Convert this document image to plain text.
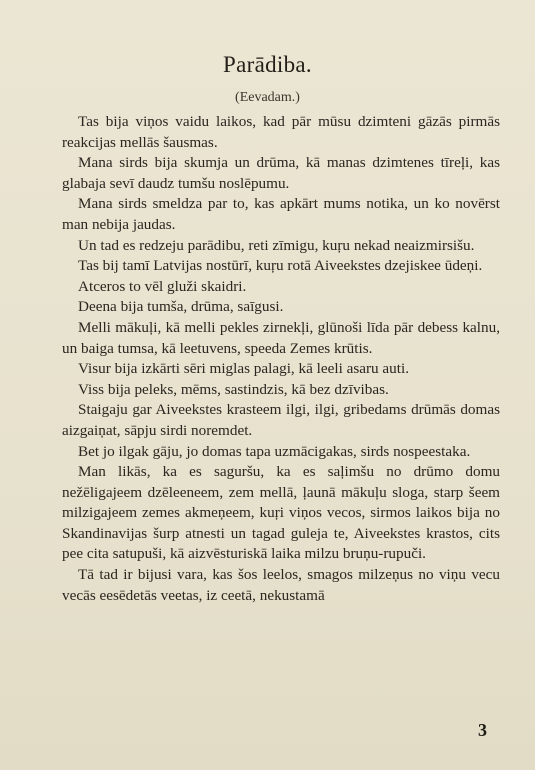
Parādiba.
(Eevadam.)

Tas bija viņos vaidu laikos, kad pār mūsu dzimteni gāzās pirmās reakcijas mellās šausmas.

Mana sirds bija skumja un drūma, kā manas dzimtenes tīreļi, kas glabaja sevī daudz tumšu noslēpumu.

Mana sirds smeldza par to, kas apkārt mums notika, un ko novērst man nebija jaudas.

Un tad es redzeju parādibu, reti zīmigu, kuŗu nekad neaizmirsišu.

Tas bij tamī Latvijas nostūrī, kuŗu rotā Aiveekstes dzejiskee ūdeņi.

Atceros to vēl gluži skaidri.

Deena bija tumša, drūma, saīgusi.

Melli mākuļi, kā melli pekles zirnekļi, glūnoši līda pār debess kalnu, un baiga tumsa, kā leetuvens, speeda Zemes krūtis.

Visur bija izkārti sēri miglas palagi, kā leeli asaru auti.

Viss bija peleks, mēms, sastindzis, kā bez dzīvibas.

Staigaju gar Aiveekstes krasteem ilgi, ilgi, gribedams drūmās domas aizgaiņat, sāpju sirdi noremdet.

Bet jo ilgak gāju, jo domas tapa uzmācigakas, sirds nospeestaka.

Man likās, ka es saguršu, ka es saļimšu no drūmo domu nežēligajeem dzēleeneem, zem mellā, ļaunā mākuļu sloga, starp šeem milzigajeem zemes akmeņeem, kuŗi viņos vecos, sirmos laikos bija no Skandinavijas šurp atnesti un tagad guleja te, Aiveekstes krastos, cits pee cita satupuši, kā aizvēsturiskā laika milzu bruņu-rupuči.

Tā tad ir bijusi vara, kas šos leelos, smagos milzeņus no viņu vecu vecās eesēdetās veetas, iz ceetā, nekustamā

3
